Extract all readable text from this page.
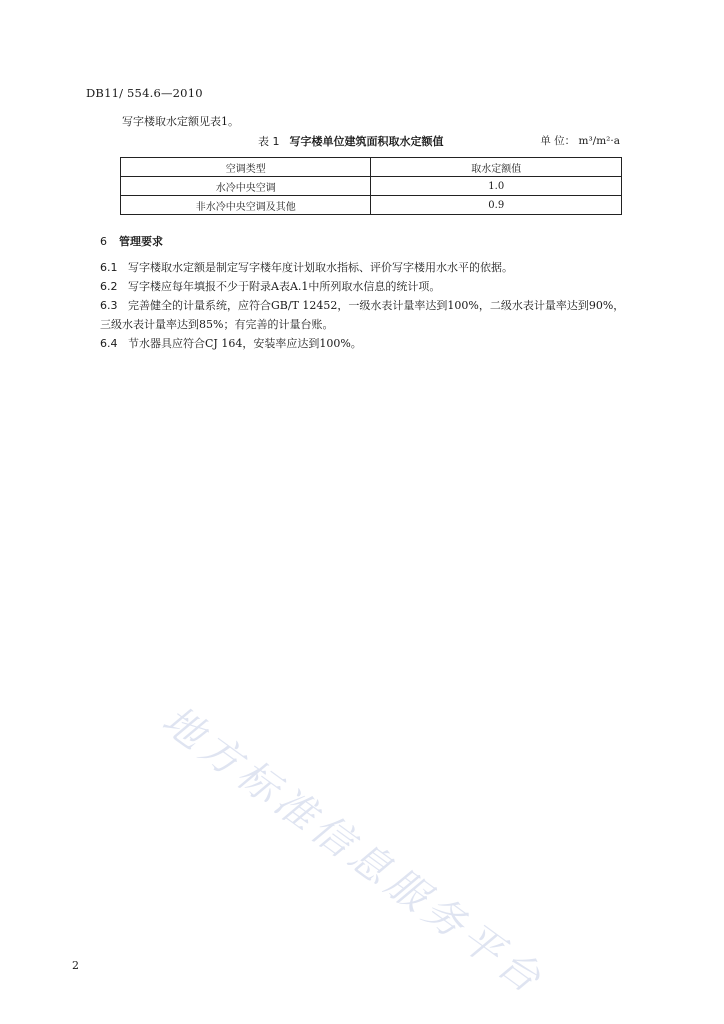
DB11/ 554.6—2010
写字楼取水定额见表1。
表 1 写字楼单位建筑面积取水定额值	单 位： m³/m²·a
空调类型	取水定额值
水冷中央空调	1.0
非水冷中央空调及其他	0.9
6 管理要求
6.1 写字楼取水定额是制定写字楼年度计划取水指标、评价写字楼用水水平的依据。
6.2 写字楼应每年填报不少于附录A表A.1中所列取水信息的统计项。
6.3 完善健全的计量系统，应符合GB/T 12452，一级水表计量率达到100%，二级水表计量率达到90%，三级水表计量率达到85%；有完善的计量台账。
6.4 节水器具应符合CJ 164，安装率应达到100%。
地方标准信息服务平台
2
